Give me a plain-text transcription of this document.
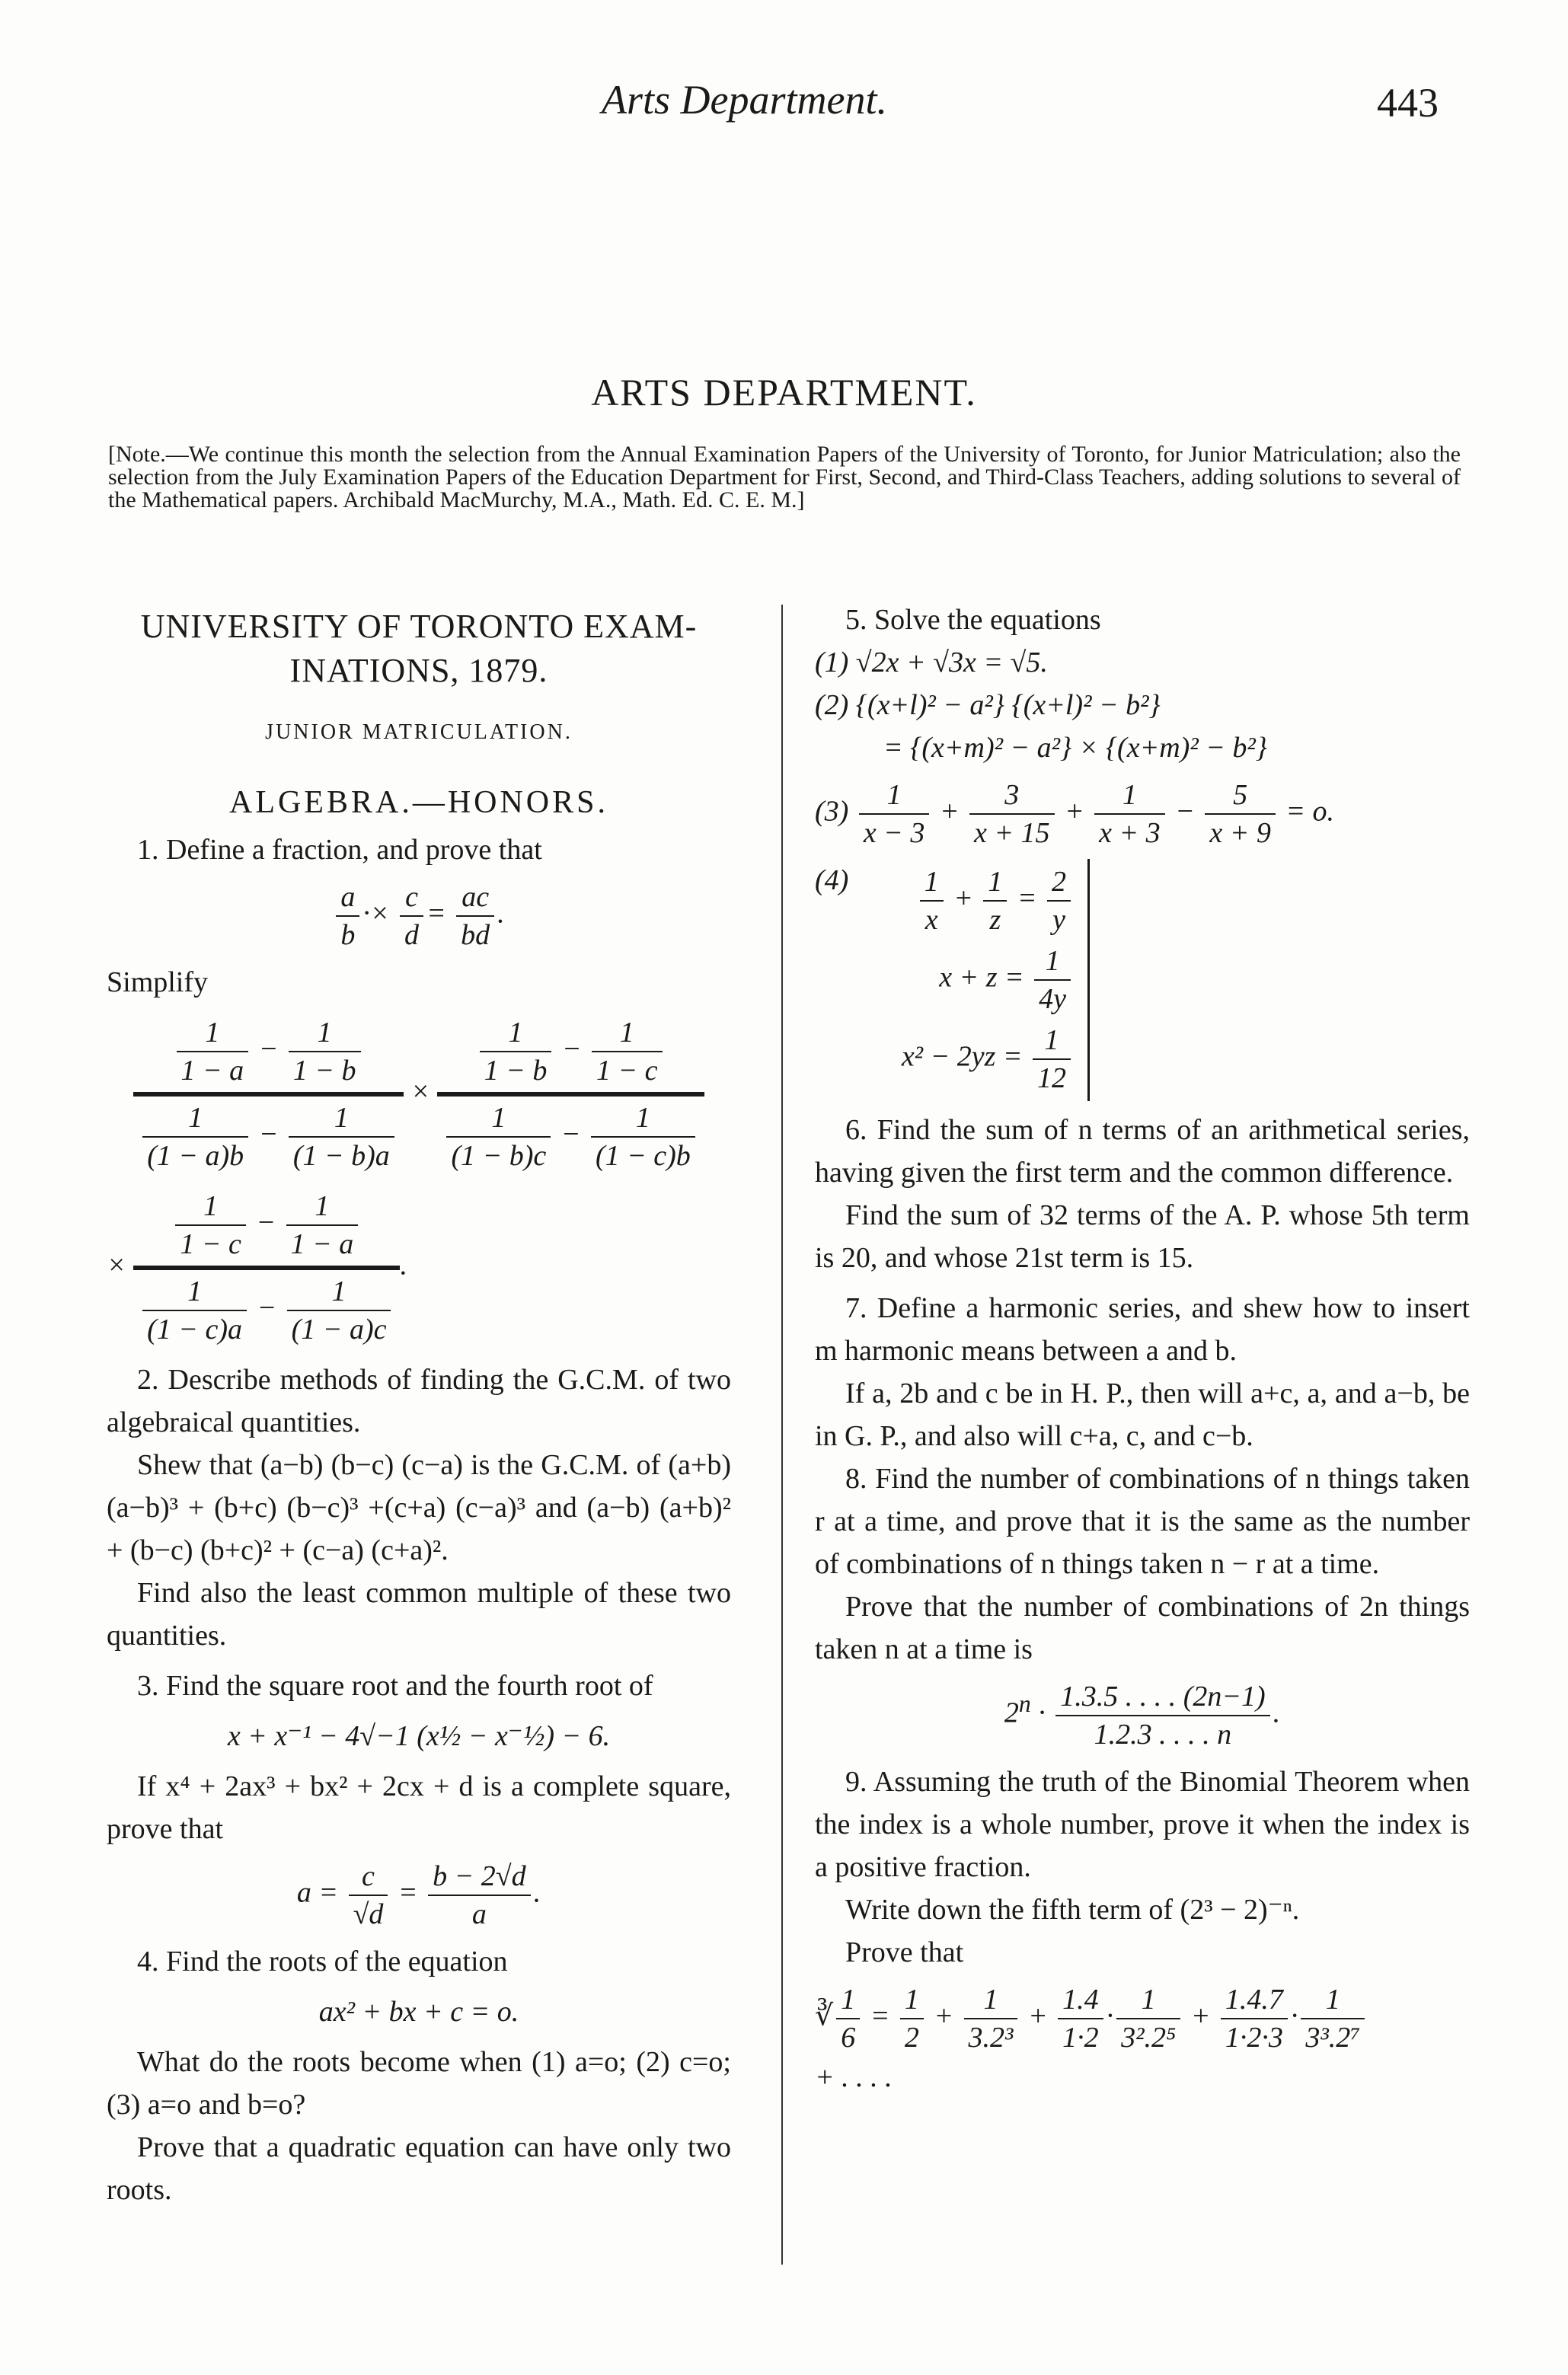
Arts Department.	443
ARTS DEPARTMENT.
[Note.—We continue this month the selection from the Annual Examination Papers of the University of Toronto, for Junior Matriculation; also the selection from the July Examination Papers of the Education Department for First, Second, and Third-Class Teachers, adding solutions to several of the Mathematical papers. Archibald MacMurchy, M.A., Math. Ed. C. E. M.]
UNIVERSITY OF TORONTO EXAM-
INATIONS, 1879.
JUNIOR MATRICULATION.
ALGEBRA.—HONORS.

1. Define a fraction, and prove that

$\frac{a}{b} \cdot\times \frac{c}{d} = \frac{ac}{bd}$ .

Simplify

$\frac{\frac{1}{1 - a} - \frac{1}{1 - b}}{\frac{1}{(1 - a)b} - \frac{1}{(1 - b)a}} \times \frac{\frac{1}{1 - b} - \frac{1}{1 - c}}{\frac{1}{(1 - b)c} - \frac{1}{(1 - c)b}}$
× $\frac{\frac{1}{1 - c} - \frac{1}{1 - a}}{\frac{1}{(1 - c)a} - \frac{1}{(1 - a)c}}$ .

2. Describe methods of finding the G.C.M. of two algebraical quantities.

Shew that (a−b) (b−c) (c−a) is the G.C.M. of (a+b) (a−b)³ + (b+c) (b−c)³ +(c+a) (c−a)³ and (a−b) (a+b)² + (b−c) (b+c)² + (c−a) (c+a)².

Find also the least common multiple of these two quantities.

3. Find the square root and the fourth root of

x + x⁻¹ − 4√−1 (x½ − x⁻½) − 6.

If x⁴ + 2ax³ + bx² + 2cx + d is a complete square, prove that

$a = \frac{c}{√d} = \frac{b - 2√d}{a}$ .

4. Find the roots of the equation

ax² + bx + c = o.

What do the roots become when (1) a=o; (2) c=o; (3) a=o and b=o?

Prove that a quadratic equation can have only two roots.

5. Solve the equations

(1) √2x + √3x = √5.

(2) {(x+l)² − a²} {(x+l)² − b²}

= {(x+m)² − a²} × {(x+m)² − b²}

$(3) \frac{1}{x - 3} + \frac{3}{x + 15} + \frac{1}{x + 3} - \frac{5}{x + 9} = o$.
$(4) \frac{1}{x} + \frac{1}{z} = \frac{2}{y}$
$x + z = \frac{1}{4y}$
$x^2 - 2yz = \frac{1}{12}$

6. Find the sum of n terms of an arithmetical series, having given the first term and the common difference.

Find the sum of 32 terms of the A. P. whose 5th term is 20, and whose 21st term is 15.

7. Define a harmonic series, and shew how to insert m harmonic means between a and b.

If a, 2b and c be in H. P., then will a+c, a, and a−b, be in G. P., and also will c+a, c, and c−b.

8. Find the number of combinations of n things taken r at a time, and prove that it is the same as the number of combinations of n things taken n − r at a time.

Prove that the number of combinations of 2n things taken n at a time is

$2^n \cdot \frac{1.3.5 . . . . (2n-1)}{1.2.3 . . . . n}$ .

9. Assuming the truth of the Binomial Theorem when the index is a whole number, prove it when the index is a positive fraction.

Write down the fifth term of (2³ − 2)⁻ⁿ.

Prove that

∛ $\frac{1}{6} = \frac{1}{2} + \frac{1}{\text{3.2³}} + \frac{1.4}{1\cdot 2} \cdot \frac{1}{\text{3².2⁵}} + \frac{1.4.7}{1\cdot 2\cdot 3} \cdot \frac{1}{\text{3³.2⁷}}$

+ . . . .
